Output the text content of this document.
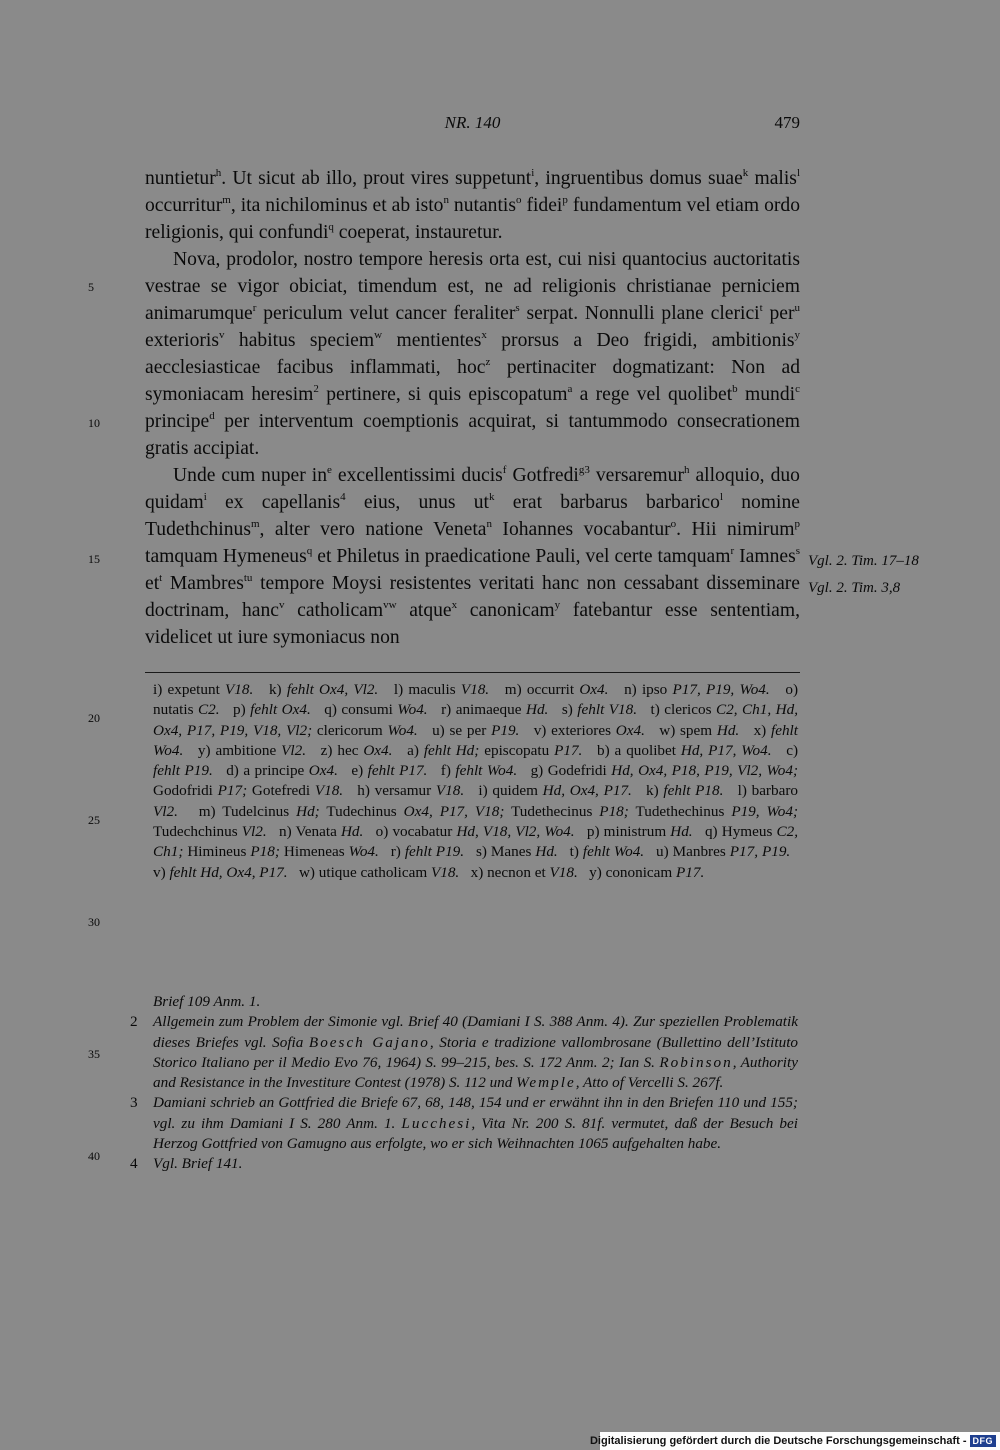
NR. 140	479
5
10
15
20
25
30
35
40
Vgl. 2. Tim. 17–18
Vgl. 2. Tim. 3,8

nuntietur$^h$. Ut sicut ab illo, prout vires suppetunt$^i$, ingruentibus domus suae$^k$ malis$^l$ occurritur$^m$, ita nichilominus et ab isto$^n$ nutantis$^o$ fidei$^p$ fundamentum vel etiam ordo religionis, qui confundi$^q$ coeperat, instauretur.

Nova, prodolor, nostro tempore heresis orta est, cui nisi quantocius auctoritatis vestrae se vigor obiciat, timendum est, ne ad religionis christianae perniciem animarumque$^r$ periculum velut cancer feraliter$^s$ serpat. Nonnulli plane clerici$^t$ per$^u$ exterioris$^v$ habitus speciem$^w$ mentientes$^x$ prorsus a Deo frigidi, ambitionis$^y$ aecclesiasticae facibus inflammati, hoc$^z$ pertinaciter dogmatizant: Non ad symoniacam heresim$^2$ pertinere, si quis episcopatum$^a$ a rege vel quolibet$^b$ mundi$^c$ principe$^d$ per interventum coemptionis acquirat, si tantummodo consecrationem gratis accipiat.

Unde cum nuper $in^e$ excellentissimi ducis$^f$ Gotfredi$^{g3}$ versaremur$^h$ alloquio, duo quidam$^i$ ex capellanis$^4$ eius, unus $ut^k$ erat barbarus barbarico$^l$ nomine Tudethchinus$^m$, alter vero natione Veneta$^n$ Iohannes vocabantur$^o$. Hii nimirum$^p$ tamquam Hymeneus$^q$ et Philetus in praedicatione Pauli, vel certe tamquam$^r$ Iamnes$^s$ $et^t$ Mambres$^{tu}$ tempore Moysi resistentes veritati hanc non cessabant disseminare doctrinam, hanc$^v$ catholicam$^{vw}$ atque$^x$ canonicam$^y$ fatebantur esse sententiam, videlicet ut iure symoniacus non

i) expetunt V18.   k) fehlt Ox4, Vl2.   l) maculis V18.   m) occurrit Ox4.   n) ipso P17, P19, Wo4.   o) nutatis C2.   p) fehlt Ox4.   q) consumi Wo4.   r) animaeque Hd.   s) fehlt V18.   t) clericos C2, Ch1, Hd, Ox4, P17, P19, V18, Vl2; clericorum Wo4.   u) se per P19.   v) exteriores Ox4.   w) spem Hd.   x) fehlt Wo4.   y) ambitione Vl2.   z) hec Ox4.   a) fehlt Hd; episcopatu P17.   b) a quolibet Hd, P17, Wo4.   c) fehlt P19.   d) a principe Ox4.   e) fehlt P17.   f) fehlt Wo4.   g) Godefridi Hd, Ox4, P18, P19, Vl2, Wo4; Godofridi P17; Gotefredi V18.   h) versamur V18.   i) quidem Hd, Ox4, P17.   k) fehlt P18.   l) barbaro Vl2.   m) Tudelcinus Hd; Tudechinus Ox4, P17, V18; Tudethecinus P18; Tudethechinus P19, Wo4; Tudechchinus Vl2.   n) Venata Hd.   o) vocabatur Hd, V18, Vl2, Wo4.   p) ministrum Hd.   q) Hymeus C2, Ch1; Himineus P18; Himeneas Wo4.   r) fehlt P19.   s) Manes Hd.   t) fehlt Wo4.   u) Manbres P17, P19.   v) fehlt Hd, Ox4, P17.   w) utique catholicam V18.   x) necnon et V18.   y) cononicam P17.

Brief 109 Anm. 1.
2 Allgemein zum Problem der Simonie vgl. Brief 40 (Damiani I S. 388 Anm. 4). Zur speziellen Problematik dieses Briefes vgl. Sofia Boesch Gajano, Storia e tradizione vallombrosane (Bullettino dell’Istituto Storico Italiano per il Medio Evo 76, 1964) S. 99–215, bes. S. 172 Anm. 2; Ian S. Robinson, Authority and Resistance in the Investiture Contest (1978) S. 112 und Wemple, Atto of Vercelli S. 267f.
3 Damiani schrieb an Gottfried die Briefe 67, 68, 148, 154 und er erwähnt ihn in den Briefen 110 und 155; vgl. zu ihm Damiani I S. 280 Anm. 1. Lucchesi, Vita Nr. 200 S. 81f. vermutet, daß der Besuch bei Herzog Gottfried von Gamugno aus erfolgte, wo er sich Weihnachten 1065 aufgehalten habe.
4 Vgl. Brief 141.
Digitalisierung gefördert durch die Deutsche Forschungsgemeinschaft - DFG
